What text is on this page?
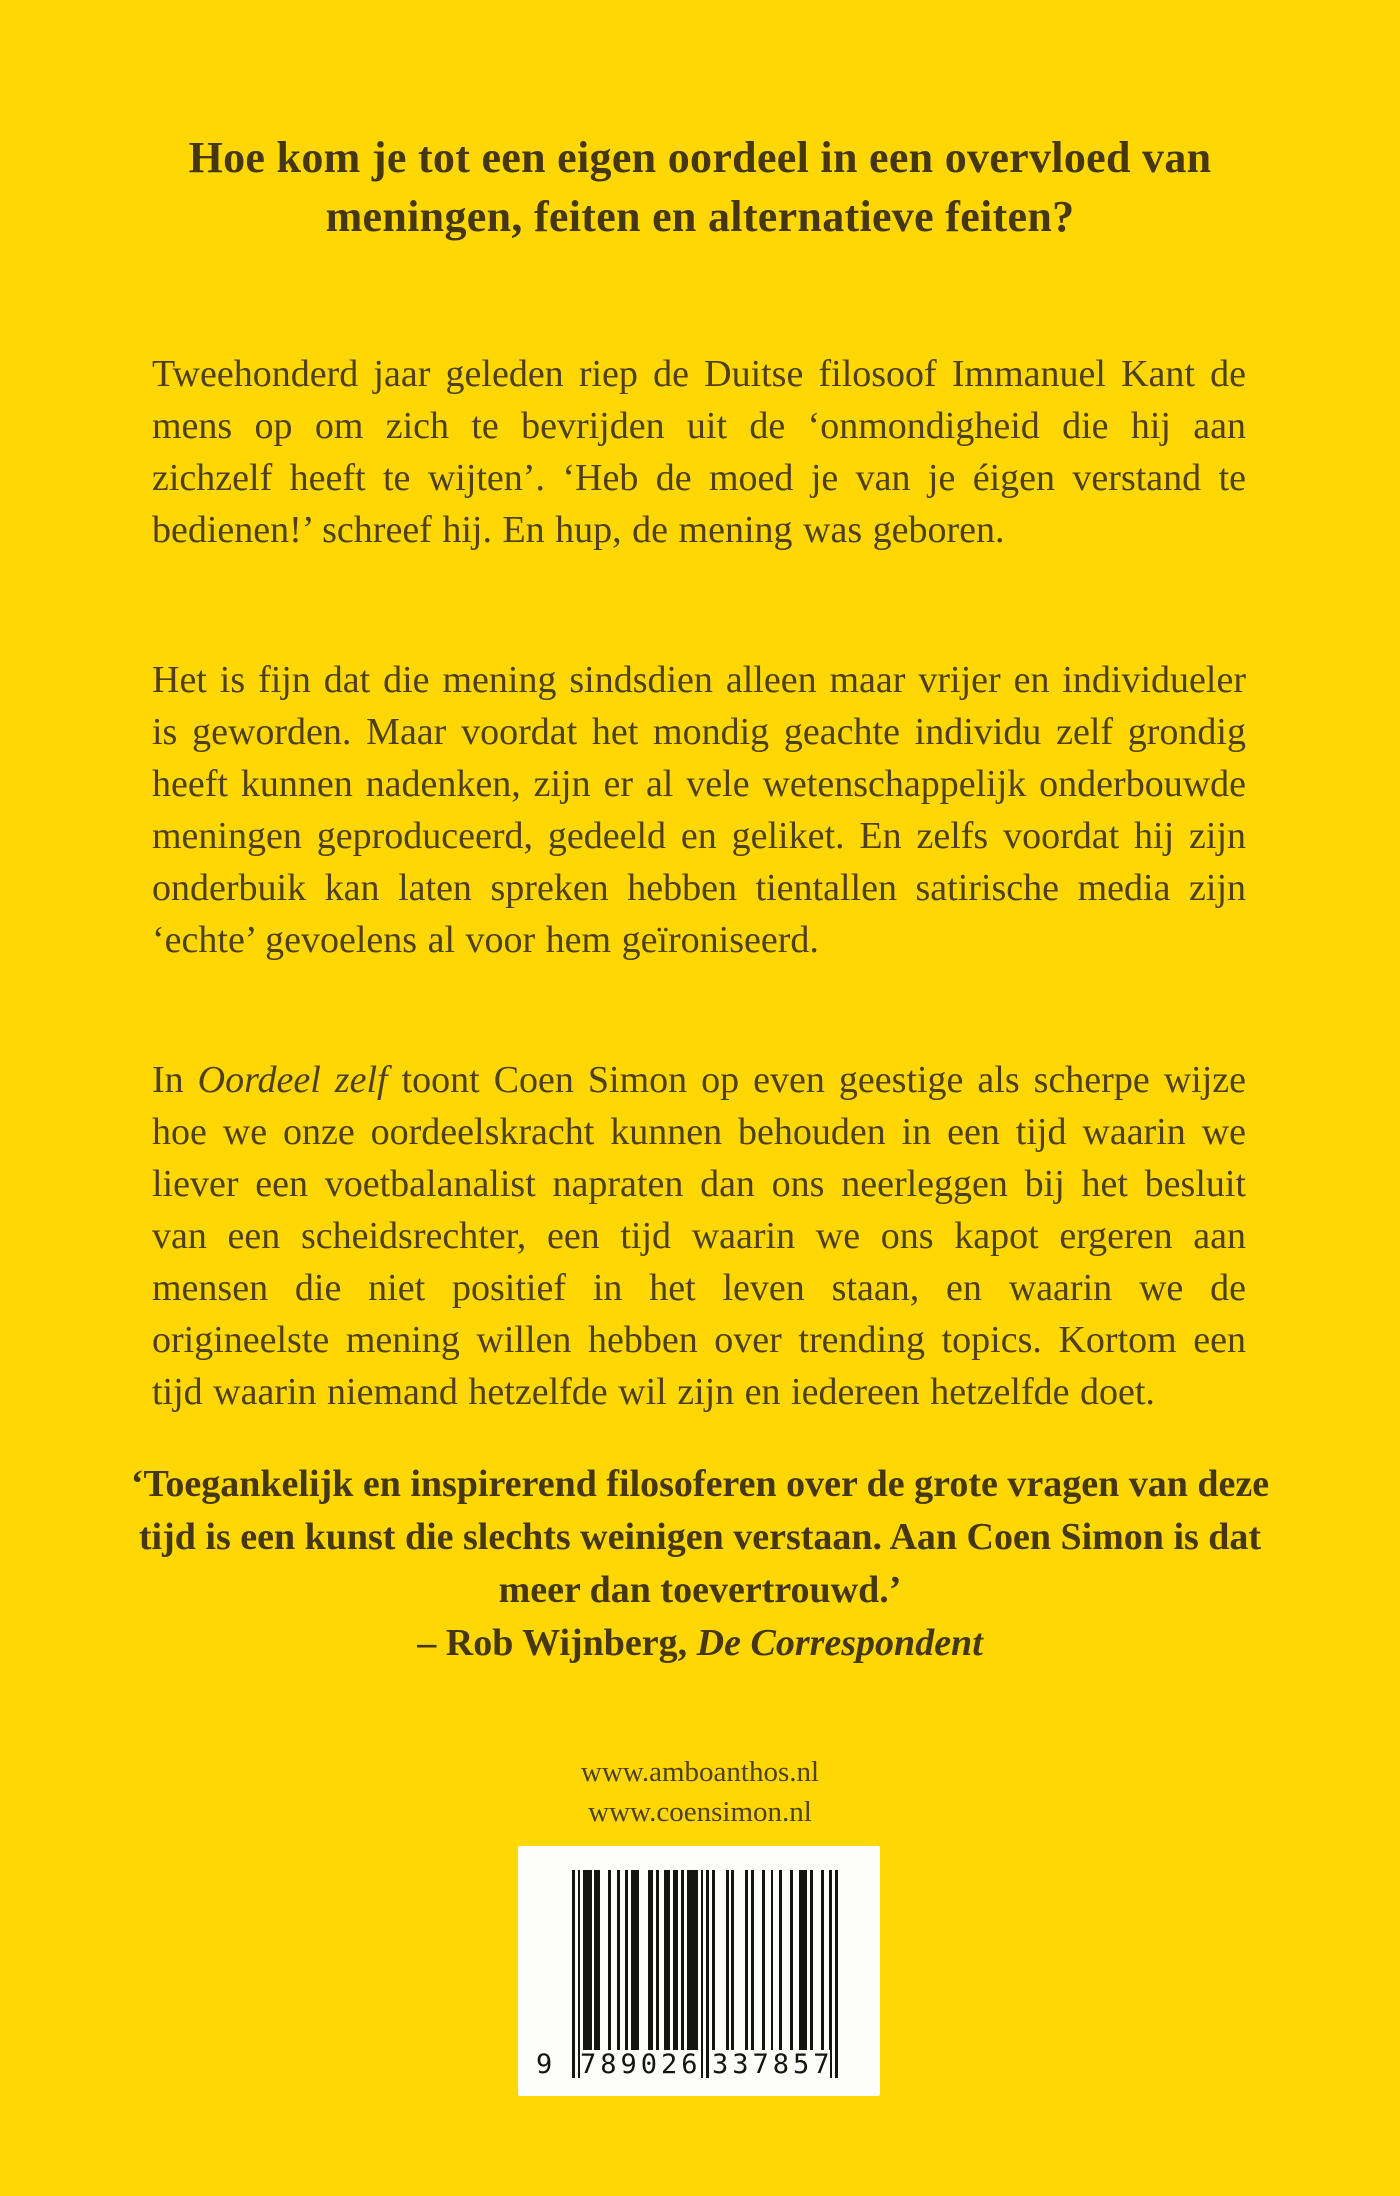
Hoe kom je tot een eigen oordeel in een overvloed van meningen, feiten en alternatieve feiten?

Tweehonderd jaar geleden riep de Duitse filosoof Immanuel Kant de mens op om zich te bevrijden uit de ‘onmondigheid die hij aan zichzelf heeft te wijten’. ‘Heb de moed je van je éigen verstand te bedienen!’ schreef hij. En hup, de mening was geboren.

Het is fijn dat die mening sindsdien alleen maar vrijer en individueler is geworden. Maar voordat het mondig geachte individu zelf grondig heeft kunnen nadenken, zijn er al vele wetenschappelijk onderbouwde meningen geproduceerd, gedeeld en geliket. En zelfs voordat hij zijn onderbuik kan laten spreken hebben tientallen satirische media zijn ‘echte’ gevoelens al voor hem geïroniseerd.

In Oordeel zelf toont Coen Simon op even geestige als scherpe wijze hoe we onze oordeelskracht kunnen behouden in een tijd waarin we liever een voetbalanalist napraten dan ons neerleggen bij het besluit van een scheidsrechter, een tijd waarin we ons kapot ergeren aan mensen die niet positief in het leven staan, en waarin we de origineelste mening willen hebben over trending topics. Kortom een tijd waarin niemand hetzelfde wil zijn en iedereen hetzelfde doet.

‘Toegankelijk en inspirerend filosoferen over de grote vragen van deze tijd is een kunst die slechts weinigen verstaan. Aan Coen Simon is dat meer dan toevertrouwd.’
– Rob Wijnberg, De Correspondent
www.amboanthos.nl
www.coensimon.nl
9 789026 337857
